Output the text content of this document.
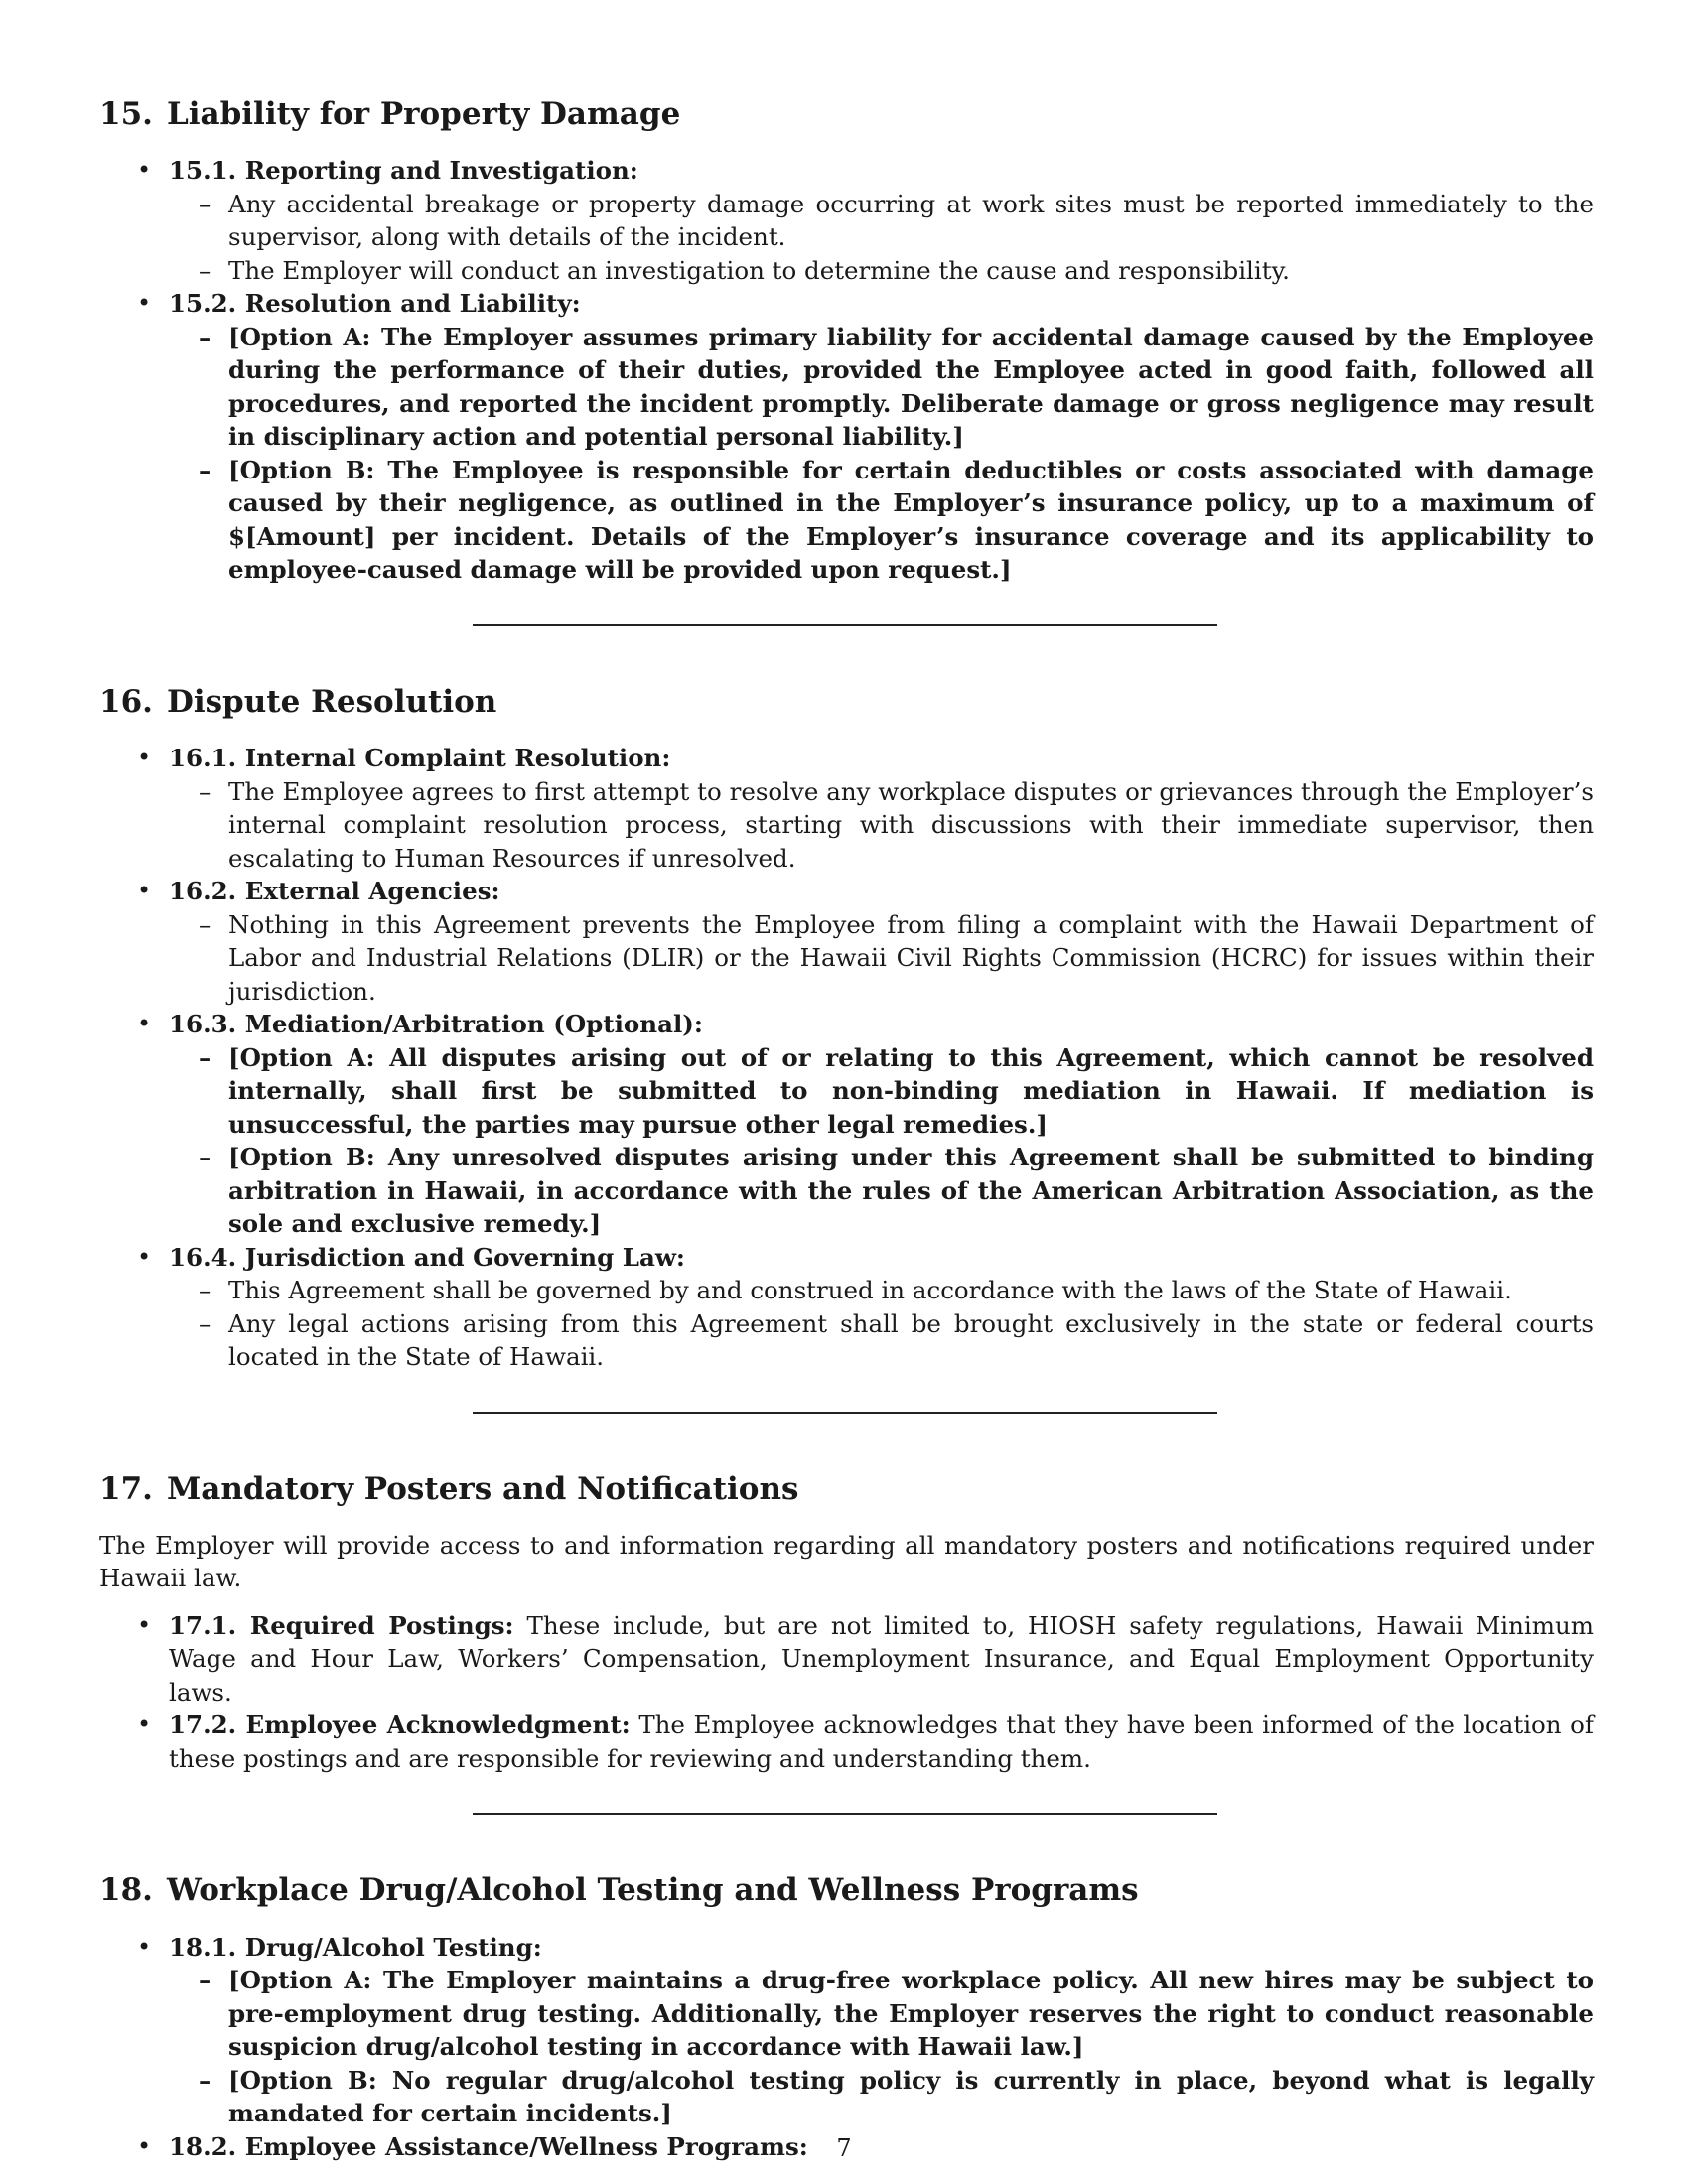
15. Liability for Property Damage
• 15.1. Reporting and Investigation:
– Any accidental breakage or property damage occurring at work sites must be reported immediately to the supervisor, along with details of the incident.
– The Employer will conduct an investigation to determine the cause and responsibility.
• 15.2. Resolution and Liability:
– [Option A: The Employer assumes primary liability for accidental damage caused by the Employee during the performance of their duties, provided the Employee acted in good faith, followed all procedures, and reported the incident promptly. Deliberate damage or gross negligence may result in disciplinary action and potential personal liability.]
– [Option B: The Employee is responsible for certain deductibles or costs associated with damage caused by their negligence, as outlined in the Employer’s insurance policy, up to a maximum of $[Amount] per incident. Details of the Employer’s insurance coverage and its applicability to employee-caused damage will be provided upon request.]
16. Dispute Resolution
• 16.1. Internal Complaint Resolution:
– The Employee agrees to first attempt to resolve any workplace disputes or grievances through the Employer’s internal complaint resolution process, starting with discussions with their immediate supervisor, then escalating to Human Resources if unresolved.
• 16.2. External Agencies:
– Nothing in this Agreement prevents the Employee from filing a complaint with the Hawaii Department of Labor and Industrial Relations (DLIR) or the Hawaii Civil Rights Commission (HCRC) for issues within their jurisdiction.
• 16.3. Mediation/Arbitration (Optional):
– [Option A: All disputes arising out of or relating to this Agreement, which cannot be resolved internally, shall first be submitted to non-binding mediation in Hawaii. If mediation is unsuccessful, the parties may pursue other legal remedies.]
– [Option B: Any unresolved disputes arising under this Agreement shall be submitted to binding arbitration in Hawaii, in accordance with the rules of the American Arbitration Association, as the sole and exclusive remedy.]
• 16.4. Jurisdiction and Governing Law:
– This Agreement shall be governed by and construed in accordance with the laws of the State of Hawaii.
– Any legal actions arising from this Agreement shall be brought exclusively in the state or federal courts located in the State of Hawaii.
17. Mandatory Posters and Notifications

The Employer will provide access to and information regarding all mandatory posters and notifications required under Hawaii law.

• 17.1. Required Postings: These include, but are not limited to, HIOSH safety regulations, Hawaii Minimum Wage and Hour Law, Workers’ Compensation, Unemployment Insurance, and Equal Employment Opportunity laws.
• 17.2. Employee Acknowledgment: The Employee acknowledges that they have been informed of the location of these postings and are responsible for reviewing and understanding them.
18. Workplace Drug/Alcohol Testing and Wellness Programs
• 18.1. Drug/Alcohol Testing:
– [Option A: The Employer maintains a drug-free workplace policy. All new hires may be subject to pre-employment drug testing. Additionally, the Employer reserves the right to conduct reasonable suspicion drug/alcohol testing in accordance with Hawaii law.]
– [Option B: No regular drug/alcohol testing policy is currently in place, beyond what is legally mandated for certain incidents.]
• 18.2. Employee Assistance/Wellness Programs:	7
